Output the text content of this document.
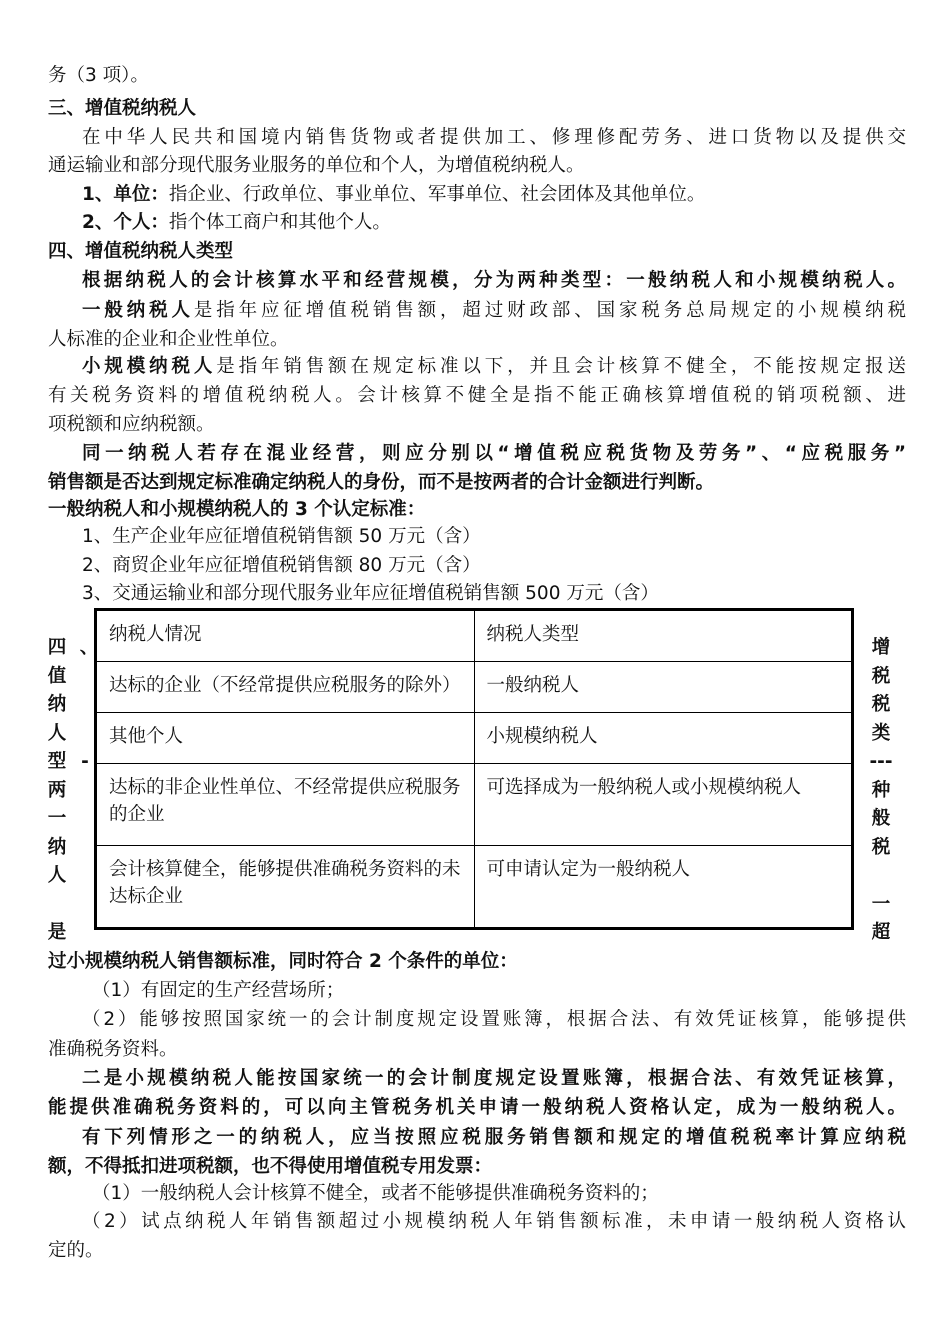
务（3 项）。
三、增值税纳税人
在中华人民共和国境内销售货物或者提供加工、修理修配劳务、进口货物以及提供交
通运输业和部分现代服务业服务的单位和个人，为增值税纳税人。
1、单位：指企业、行政单位、事业单位、军事单位、社会团体及其他单位。
2、个人：指个体工商户和其他个人。
四、增值税纳税人类型
根据纳税人的会计核算水平和经营规模，分为两种类型：一般纳税人和小规模纳税人。
一般纳税人是指年应征增值税销售额，超过财政部、国家税务总局规定的小规模纳税
人标准的企业和企业性单位。
小规模纳税人是指年销售额在规定标准以下，并且会计核算不健全，不能按规定报送
有关税务资料的增值税纳税人。会计核算不健全是指不能正确核算增值税的销项税额、进
项税额和应纳税额。
同一纳税人若存在混业经营，则应分别以“增值税应税货物及劳务”、“应税服务”
销售额是否达到规定标准确定纳税人的身份，而不是按两者的合计金额进行判断。
一般纳税人和小规模纳税人的 3 个认定标准：
1、生产企业年应征增值税销售额 50 万元（含）
2、商贸企业年应征增值税销售额 80 万元（含）
3、交通运输业和部分现代服务业年应征增值税销售额 500 万元（含）
四
值
纳
人
型
两
一
纳
人
是
、
-
增
税
税
类
---
种
般
税
一
超
纳税人情况	纳税人类型
达标的企业（不经常提供应税服务的除外）	一般纳税人
其他个人	小规模纳税人
达标的非企业性单位、不经常提供应税服务的企业	可选择成为一般纳税人或小规模纳税人
会计核算健全，能够提供准确税务资料的未达标企业	可申请认定为一般纳税人
过小规模纳税人销售额标准，同时符合 2 个条件的单位：
（1）有固定的生产经营场所；
（2）能够按照国家统一的会计制度规定设置账簿，根据合法、有效凭证核算，能够提供
准确税务资料。
二是小规模纳税人能按国家统一的会计制度规定设置账簿，根据合法、有效凭证核算，
能提供准确税务资料的，可以向主管税务机关申请一般纳税人资格认定，成为一般纳税人。
有下列情形之一的纳税人，应当按照应税服务销售额和规定的增值税税率计算应纳税
额，不得抵扣进项税额，也不得使用增值税专用发票：
（1）一般纳税人会计核算不健全，或者不能够提供准确税务资料的；
（2）试点纳税人年销售额超过小规模纳税人年销售额标准，未申请一般纳税人资格认
定的。
